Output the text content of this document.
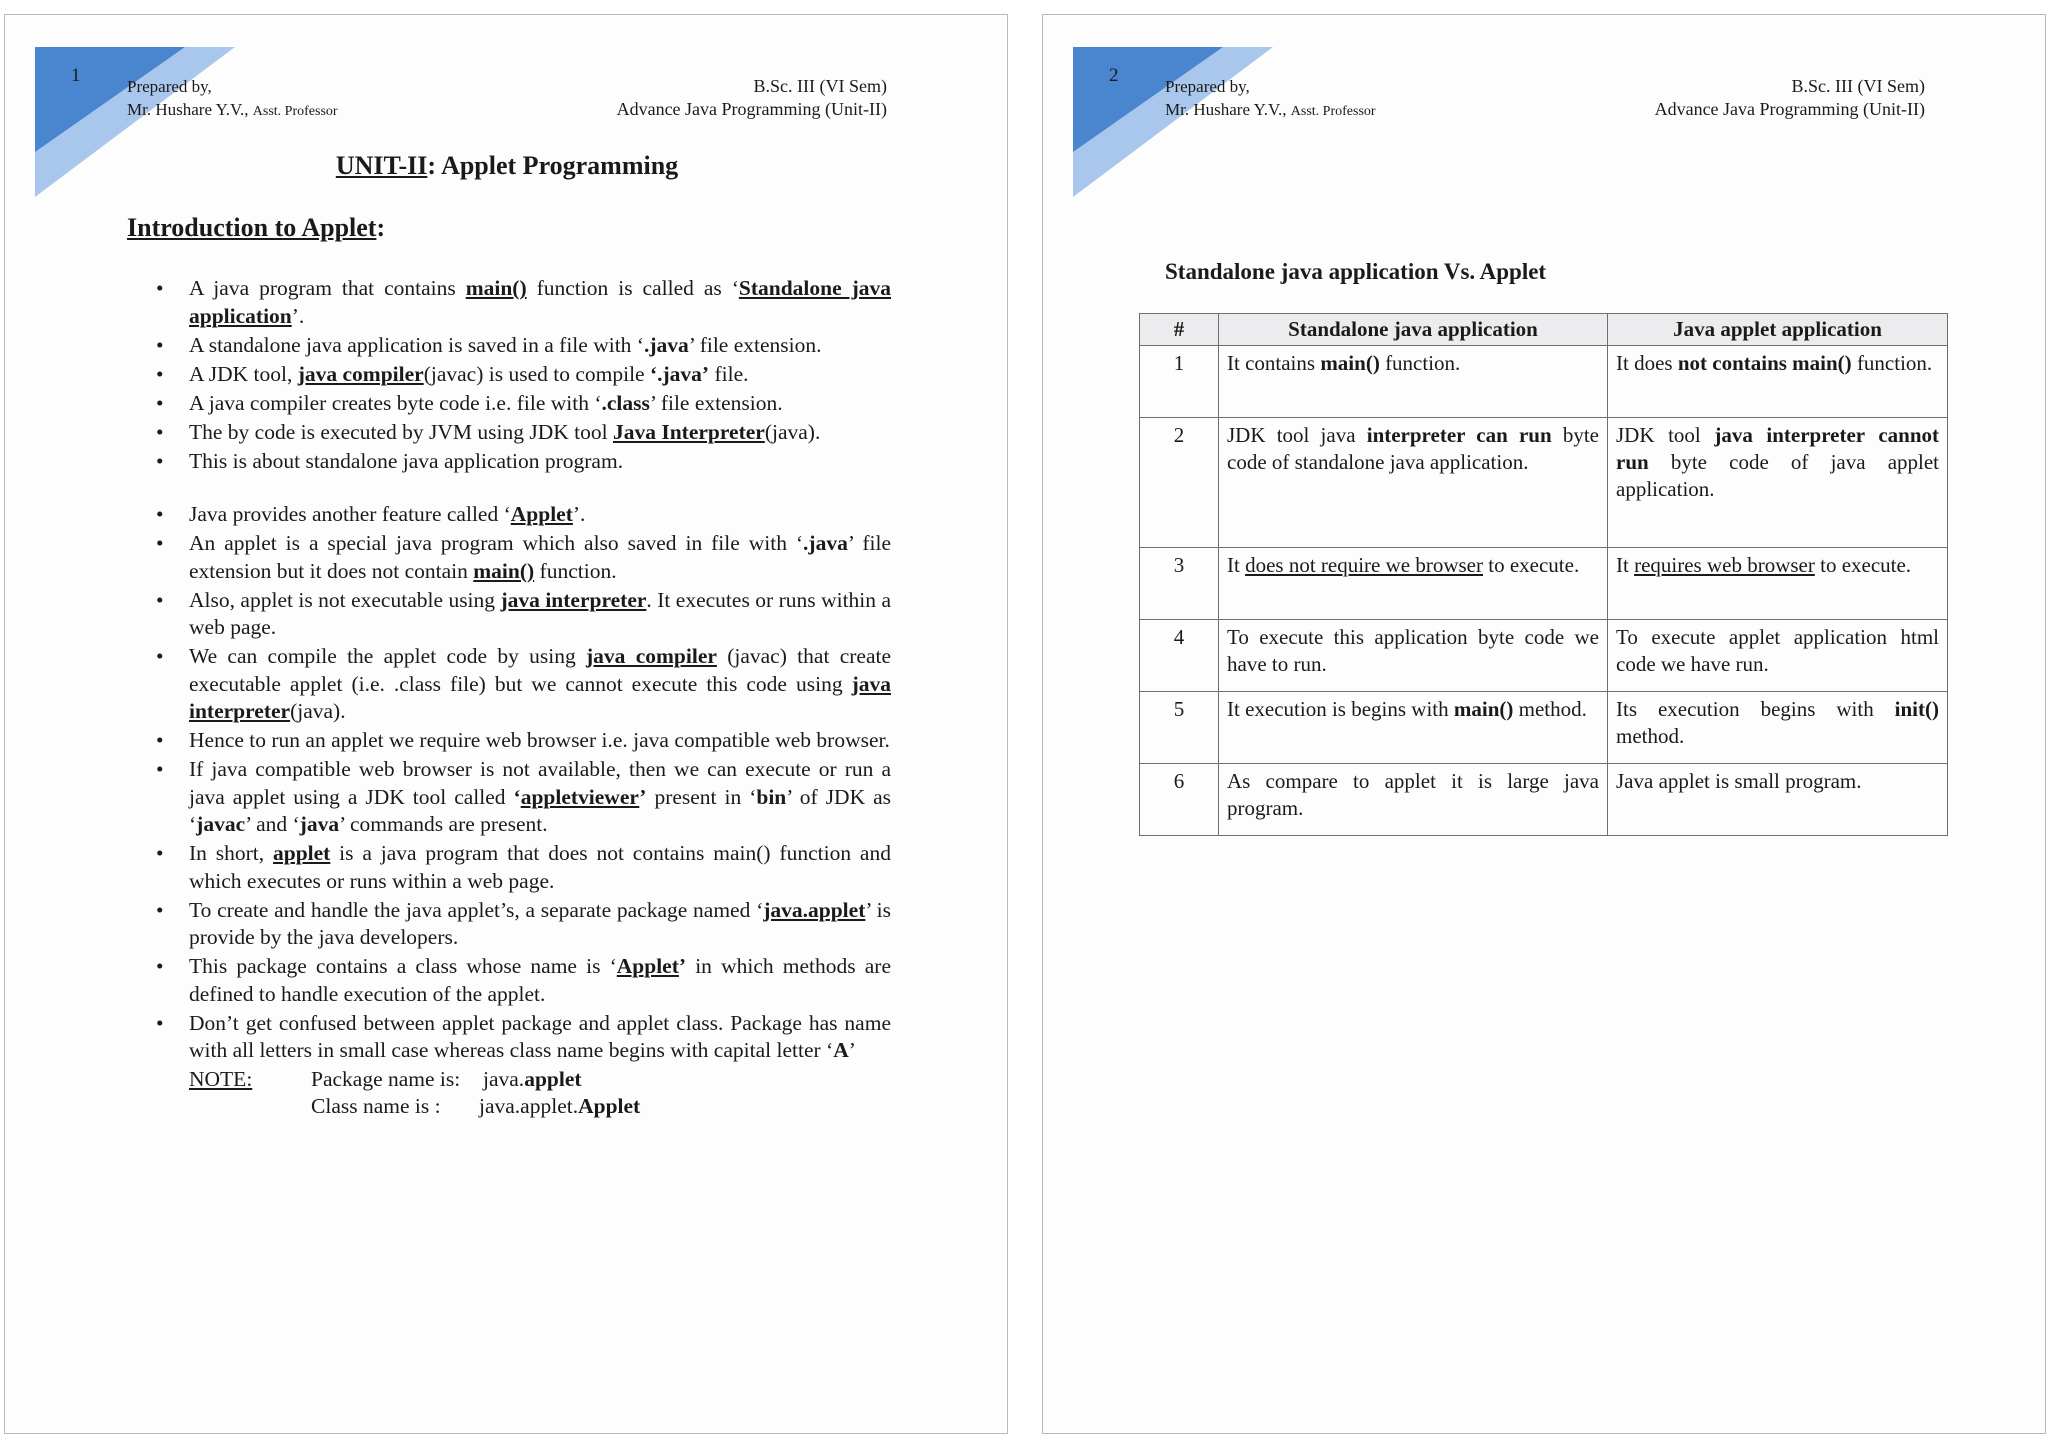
1
Prepared by,
Mr. Hushare Y.V., Asst. Professor
B.Sc. III (VI Sem)
Advance Java Programming (Unit-II)
UNIT-II: Applet Programming
Introduction to Applet:
• A java program that contains main() function is called as ‘Standalone java application’.
• A standalone java application is saved in a file with ‘.java’ file extension.
• A JDK tool, java compiler(javac) is used to compile ‘.java’ file.
• A java compiler creates byte code i.e. file with ‘.class’ file extension.
• The by code is executed by JVM using JDK tool Java Interpreter(java).
• This is about standalone java application program.
• Java provides another feature called ‘Applet’.
• An applet is a special java program which also saved in file with ‘.java’ file extension but it does not contain main() function.
• Also, applet is not executable using java interpreter. It executes or runs within a web page.
• We can compile the applet code by using java compiler (javac) that create executable applet (i.e. .class file) but we cannot execute this code using java interpreter(java).
• Hence to run an applet we require web browser i.e. java compatible web browser.
• If java compatible web browser is not available, then we can execute or run a java applet using a JDK tool called ‘appletviewer’ present in ‘bin’ of JDK as ‘javac’ and ‘java’ commands are present.
• In short, applet is a java program that does not contains main() function and which executes or runs within a web page.
• To create and handle the java applet’s, a separate package named ‘java.applet’ is provide by the java developers.
• This package contains a class whose name is ‘Applet’ in which methods are defined to handle execution of the applet.
• Don’t get confused between applet package and applet class. Package has name with all letters in small case whereas class name begins with capital letter ‘A’
NOTE:	Package name is: java.applet
Class name is : java.applet.Applet
2
Prepared by,
Mr. Hushare Y.V., Asst. Professor
B.Sc. III (VI Sem)
Advance Java Programming (Unit-II)
Standalone java application Vs. Applet
#	Standalone java application	Java applet application
1	It contains main() function.	It does not contains main() function.
2	JDK tool java interpreter can run byte code of standalone java application.	JDK tool java interpreter cannot run byte code of java applet application.
3	It does not require we browser to execute.	It requires web browser to execute.
4	To execute this application byte code we have to run.	To execute applet application html code we have run.
5	It execution is begins with main() method.	Its execution begins with init() method.
6	As compare to applet it is large java program.	Java applet is small program.
